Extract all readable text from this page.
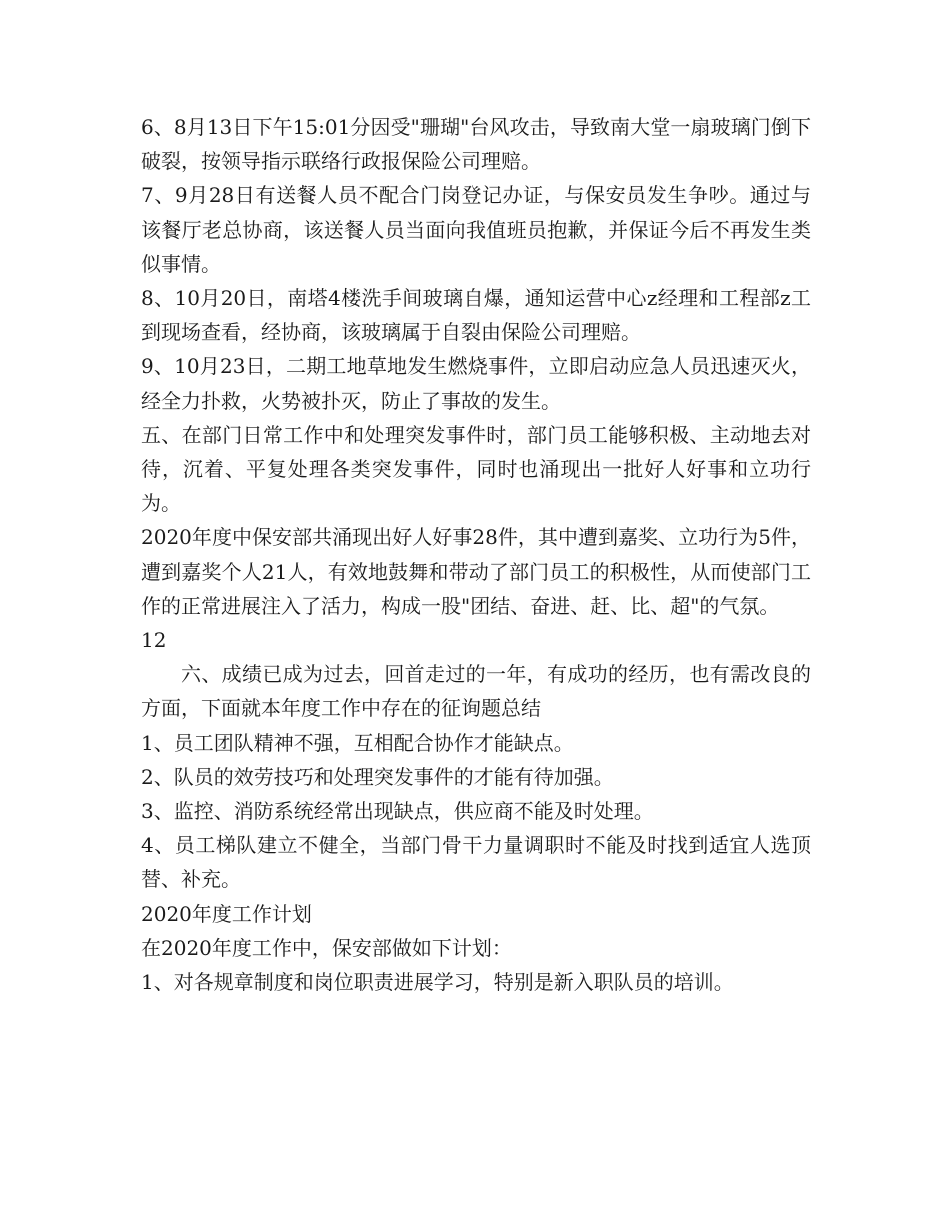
6、8月13日下午15:01分因受"珊瑚"台风攻击，导致南大堂一扇玻璃门倒下破裂，按领导指示联络行政报保险公司理赔。

7、9月28日有送餐人员不配合门岗登记办证，与保安员发生争吵。通过与该餐厅老总协商，该送餐人员当面向我值班员抱歉，并保证今后不再发生类似事情。

8、10月20日，南塔4楼洗手间玻璃自爆，通知运营中心z经理和工程部z工到现场查看，经协商，该玻璃属于自裂由保险公司理赔。

9、10月23日，二期工地草地发生燃烧事件，立即启动应急人员迅速灭火，经全力扑救，火势被扑灭，防止了事故的发生。

五、在部门日常工作中和处理突发事件时，部门员工能够积极、主动地去对待，沉着、平复处理各类突发事件，同时也涌现出一批好人好事和立功行为。

2020年度中保安部共涌现出好人好事28件，其中遭到嘉奖、立功行为5件，遭到嘉奖个人21人，有效地鼓舞和带动了部门员工的积极性，从而使部门工作的正常进展注入了活力，构成一股"团结、奋进、赶、比、超"的气氛。

12

六、成绩已成为过去，回首走过的一年，有成功的经历，也有需改良的方面，下面就本年度工作中存在的征询题总结

1、员工团队精神不强，互相配合协作才能缺点。

2、队员的效劳技巧和处理突发事件的才能有待加强。

3、监控、消防系统经常出现缺点，供应商不能及时处理。

4、员工梯队建立不健全，当部门骨干力量调职时不能及时找到适宜人选顶替、补充。

2020年度工作计划

在2020年度工作中，保安部做如下计划：

1、对各规章制度和岗位职责进展学习，特别是新入职队员的培训。
